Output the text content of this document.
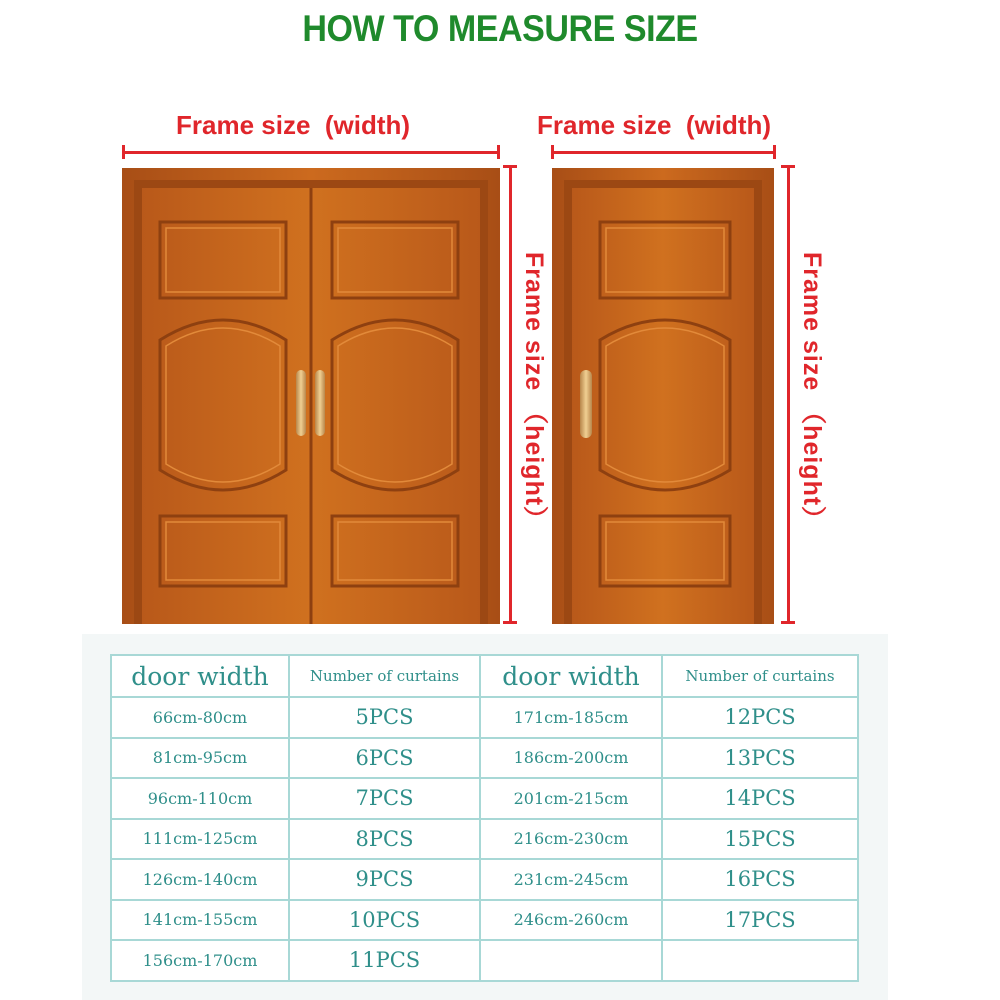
HOW TO MEASURE SIZE
Frame size  (width)	Frame size  (width)
Frame size （height）	Frame size （height）
door width	Number of curtains	door width	Number of curtains
66cm-80cm	5PCS	171cm-185cm	12PCS
81cm-95cm	6PCS	186cm-200cm	13PCS
96cm-110cm	7PCS	201cm-215cm	14PCS
111cm-125cm	8PCS	216cm-230cm	15PCS
126cm-140cm	9PCS	231cm-245cm	16PCS
141cm-155cm	10PCS	246cm-260cm	17PCS
156cm-170cm	11PCS		
